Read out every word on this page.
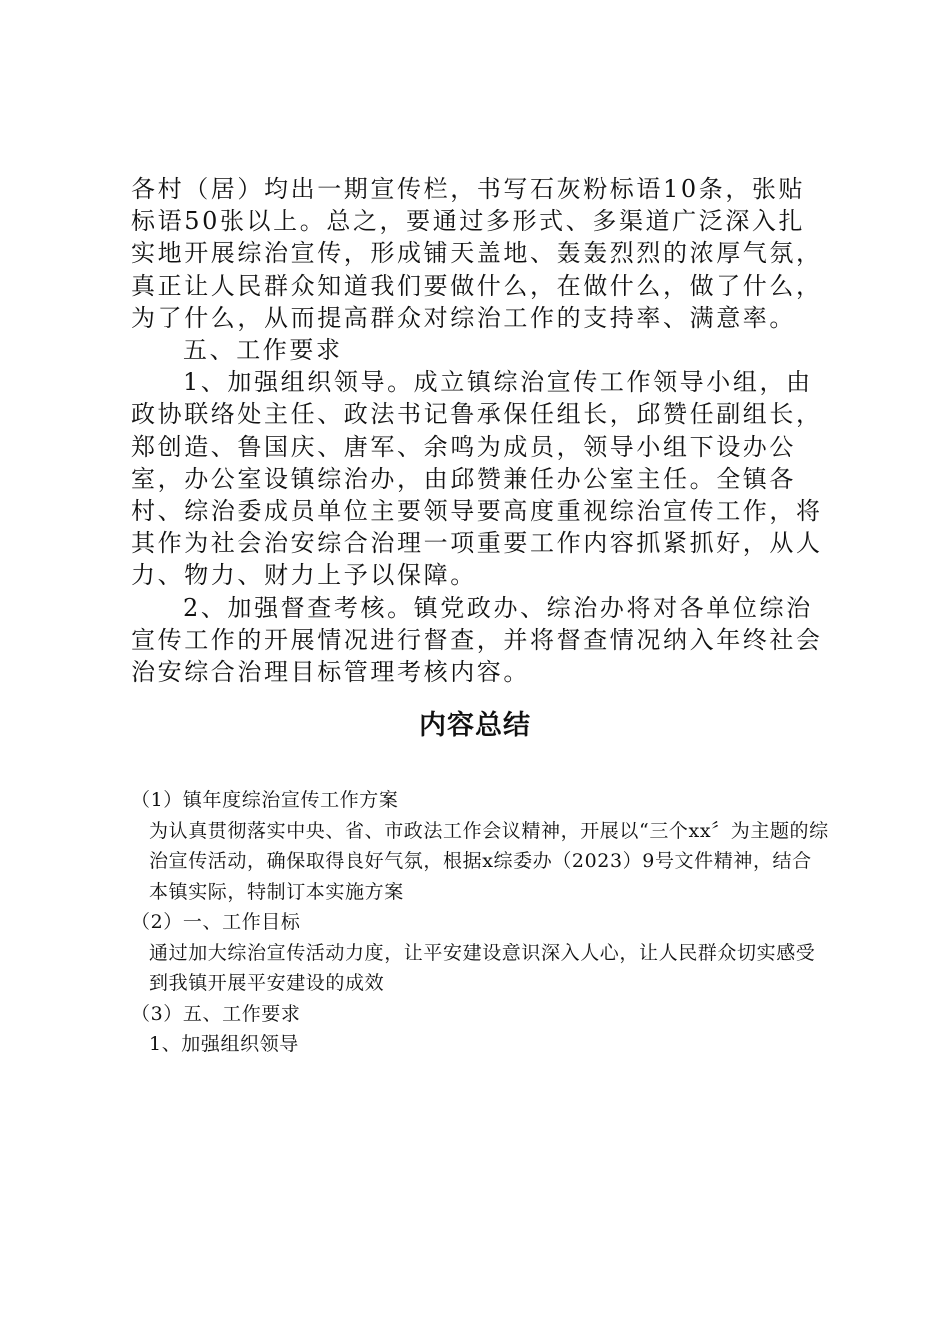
各村（居）均出一期宣传栏，书写石灰粉标语10条，张贴标语50张以上。总之，要通过多形式、多渠道广泛深入扎实地开展综治宣传，形成铺天盖地、轰轰烈烈的浓厚气氛，真正让人民群众知道我们要做什么，在做什么，做了什么，为了什么，从而提高群众对综治工作的支持率、满意率。

五、工作要求

1、加强组织领导。成立镇综治宣传工作领导小组，由政协联络处主任、政法书记鲁承保任组长，邱赞任副组长，郑创造、鲁国庆、唐军、余鸣为成员，领导小组下设办公室，办公室设镇综治办，由邱赞兼任办公室主任。全镇各村、综治委成员单位主要领导要高度重视综治宣传工作，将其作为社会治安综合治理一项重要工作内容抓紧抓好，从人力、物力、财力上予以保障。

2、加强督查考核。镇党政办、综治办将对各单位综治宣传工作的开展情况进行督查，并将督查情况纳入年终社会治安综合治理目标管理考核内容。

内容总结

（1）镇年度综治宣传工作方案

为认真贯彻落实中央、省、市政法工作会议精神，开展以“三个xx〞为主题的综治宣传活动，确保取得良好气氛，根据x综委办（2023）9号文件精神，结合本镇实际，特制订本实施方案

（2）一、工作目标

通过加大综治宣传活动力度，让平安建设意识深入人心，让人民群众切实感受到我镇开展平安建设的成效

（3）五、工作要求

1、加强组织领导
